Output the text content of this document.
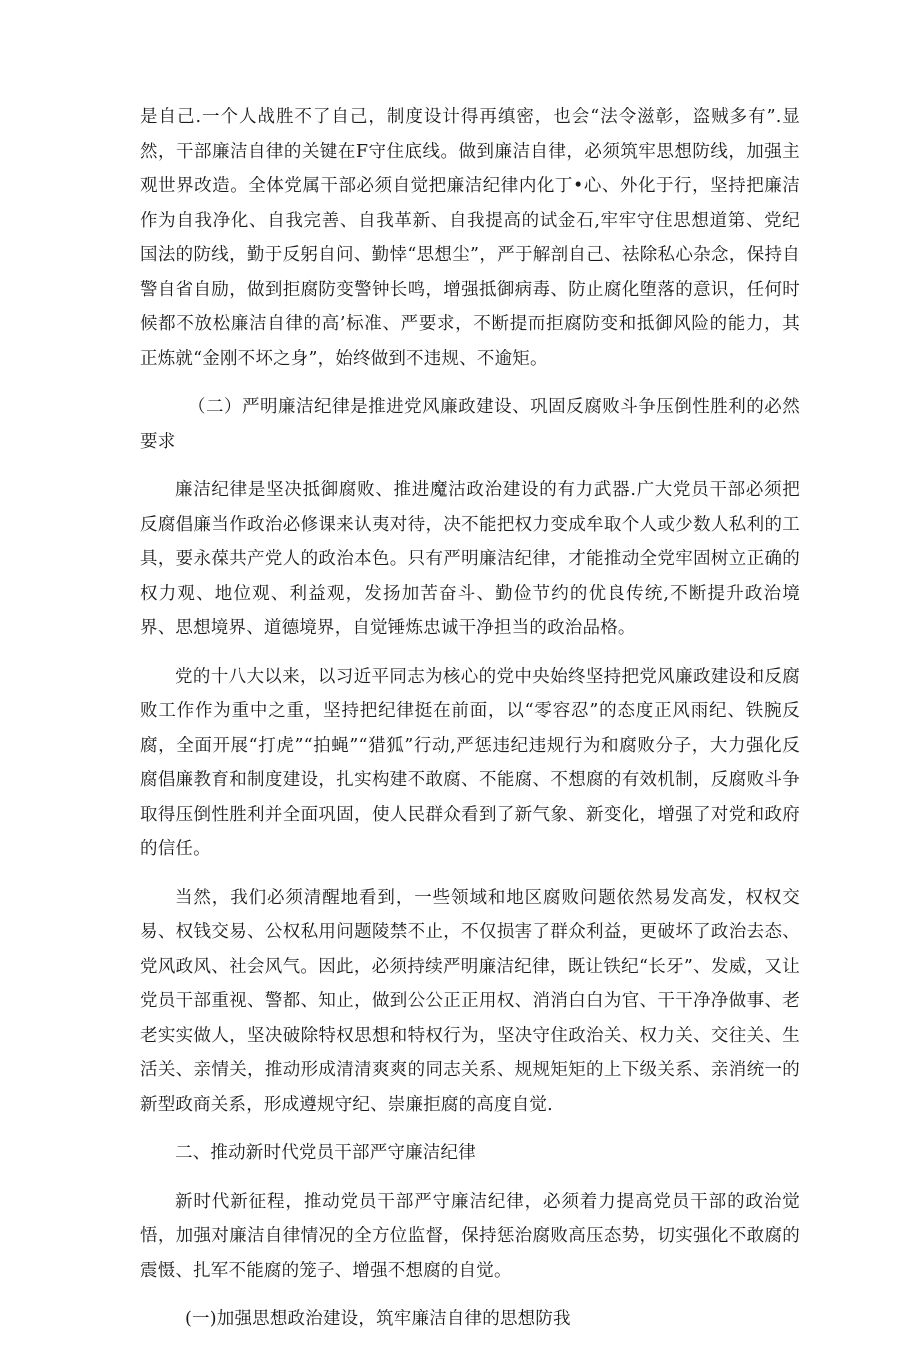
是自己.一个人战胜不了自己，制度设计得再缜密，也会“法令滋彰，盗贼多有”.显然，干部廉洁自律的关键在F守住底线。做到廉洁自律，必须筑牢思想防线，加强主观世界改造。全体党属干部必须自觉把廉洁纪律内化丁•心、外化于行，坚持把廉洁作为自我净化、自我完善、自我革新、自我提高的试金石,牢牢守住思想道第、党纪国法的防线，勤于反躬自问、勤悻“思想尘”，严于解剖自己、祛除私心杂念，保持自警自省自励，做到拒腐防变警钟长鸣，增强抵御病毒、防止腐化堕落的意识，任何时候都不放松廉洁自律的高’标准、严要求，不断提而拒腐防变和抵御风险的能力，其正炼就“金刚不坏之身”，始终做到不违规、不逾矩。

（二）严明廉洁纪律是推进党风廉政建设、巩固反腐败斗争压倒性胜利的必然要求

廉洁纪律是坚决抵御腐败、推进魔沽政治建设的有力武器.广大党员干部必须把反腐倡廉当作政治必修课来认夷对待，决不能把权力变成牟取个人或少数人私利的工具，要永葆共产党人的政治本色。只有严明廉洁纪律，才能推动全党牢固树立正确的权力观、地位观、利益观，发扬加苦奋斗、勤俭节约的优良传统,不断提升政治境界、思想境界、道德境界，自觉锤炼忠诚干净担当的政治品格。

党的十八大以来，以习近平同志为核心的党中央始终坚持把党风廉政建设和反腐败工作作为重中之重，坚持把纪律挺在前面，以“零容忍”的态度正风雨纪、铁腕反腐，全面开展“打虎”“拍蝇”“猎狐”行动,严惩违纪违规行为和腐败分子，大力强化反腐倡廉教育和制度建设，扎实构建不敢腐、不能腐、不想腐的有效机制，反腐败斗争取得压倒性胜利并全面巩固，使人民群众看到了新气象、新变化，增强了对党和政府的信任。

当然，我们必须清醒地看到，一些领域和地区腐败问题依然易发高发，权权交易、权钱交易、公权私用问题陵禁不止，不仅损害了群众利益，更破坏了政治去态、党风政风、社会风气。因此，必须持续严明廉洁纪律，既让铁纪“长牙”、发威，又让党员干部重视、警都、知止，做到公公正正用权、消消白白为官、干干净净做事、老老实实做人，坚决破除特权思想和特权行为，坚决守住政治关、权力关、交往关、生活关、亲情关，推动形成清清爽爽的同志关系、规规矩矩的上下级关系、亲消统一的新型政商关系，形成遵规守纪、崇廉拒腐的高度自觉.

二、推动新时代党员干部严守廉洁纪律

新时代新征程，推动党员干部严守廉洁纪律，必须着力提高党员干部的政治觉悟，加强对廉洁自律情况的全方位监督，保持惩治腐败高压态势，切实强化不敢腐的震慑、扎军不能腐的笼子、增强不想腐的自觉。

(一)加强思想政治建设，筑牢廉洁自律的思想防我
